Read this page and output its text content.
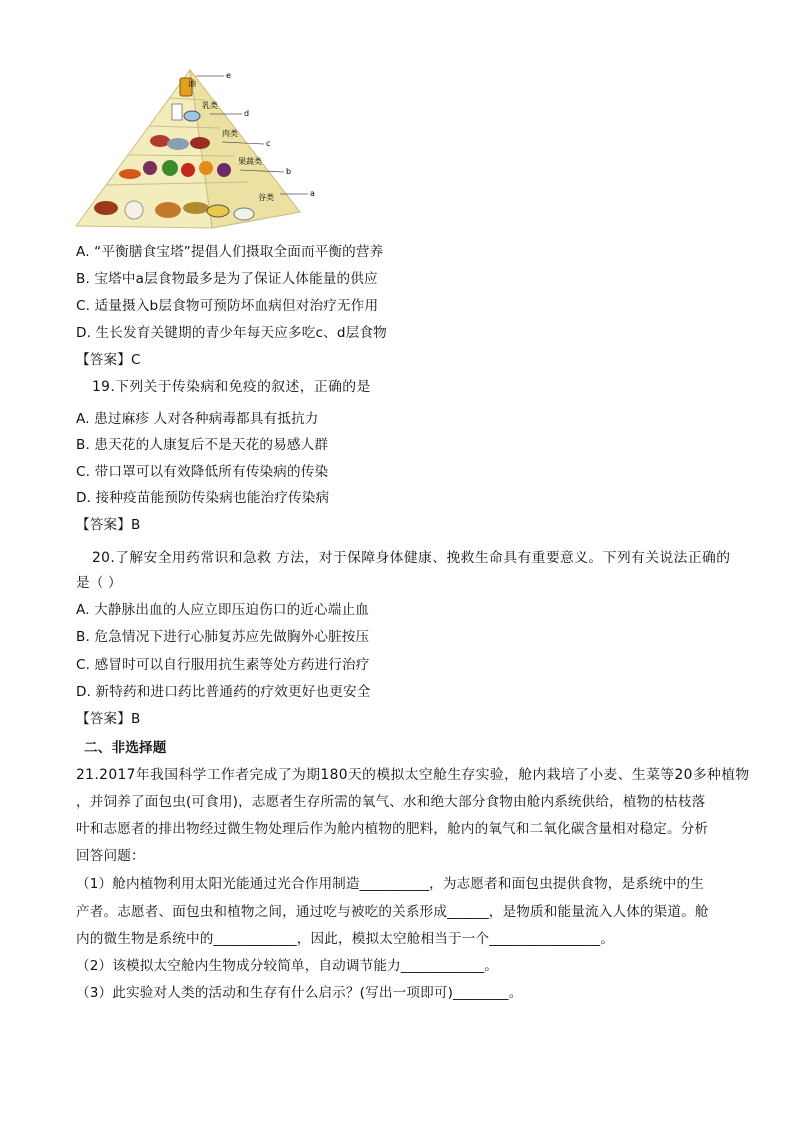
油
乳类
肉类
果蔬类
谷类
e
d
c
b
a
A. “平衡膳食宝塔”提倡人们摄取全面而平衡的营养
B. 宝塔中a层食物最多是为了保证人体能量的供应
C. 适量摄入b层食物可预防坏血病但对治疗无作用
D. 生长发育关键期的青少年每天应多吃c、d层食物
【答案】C
19.下列关于传染病和免疫的叙述，正确的是
A. 患过麻疹 人对各种病毒都具有抵抗力
B. 患天花的人康复后不是天花的易感人群
C. 带口罩可以有效降低所有传染病的传染
D. 接种疫苗能预防传染病也能治疗传染病
【答案】B
20.了解安全用药常识和急救 方法，对于保障身体健康、挽救生命具有重要意义。下列有关说法正确的
是（ ）
A. 大静脉出血的人应立即压迫伤口的近心端止血
B. 危急情况下进行心肺复苏应先做胸外心脏按压
C. 感冒时可以自行服用抗生素等处方药进行治疗
D. 新特药和进口药比普通药的疗效更好也更安全
【答案】B
二、非选择题
21.2017年我国科学工作者完成了为期180天的模拟太空舱生存实验，舱内栽培了小麦、生菜等20多种植物
，并饲养了面包虫(可食用)，志愿者生存所需的氧气、水和绝大部分食物由舱内系统供给，植物的枯枝落
叶和志愿者的排出物经过微生物处理后作为舱内植物的肥料，舱内的氧气和二氧化碳含量相对稳定。分析
回答问题：
（1）舱内植物利用太阳光能通过光合作用制造__________，为志愿者和面包虫提供食物，是系统中的生
产者。志愿者、面包虫和植物之间，通过吃与被吃的关系形成______，是物质和能量流入人体的渠道。舱
内的微生物是系统中的____________，因此，模拟太空舱相当于一个________________。
（2）该模拟太空舱内生物成分较简单，自动调节能力____________。
（3）此实验对人类的活动和生存有什么启示？(写出一项即可)________。
